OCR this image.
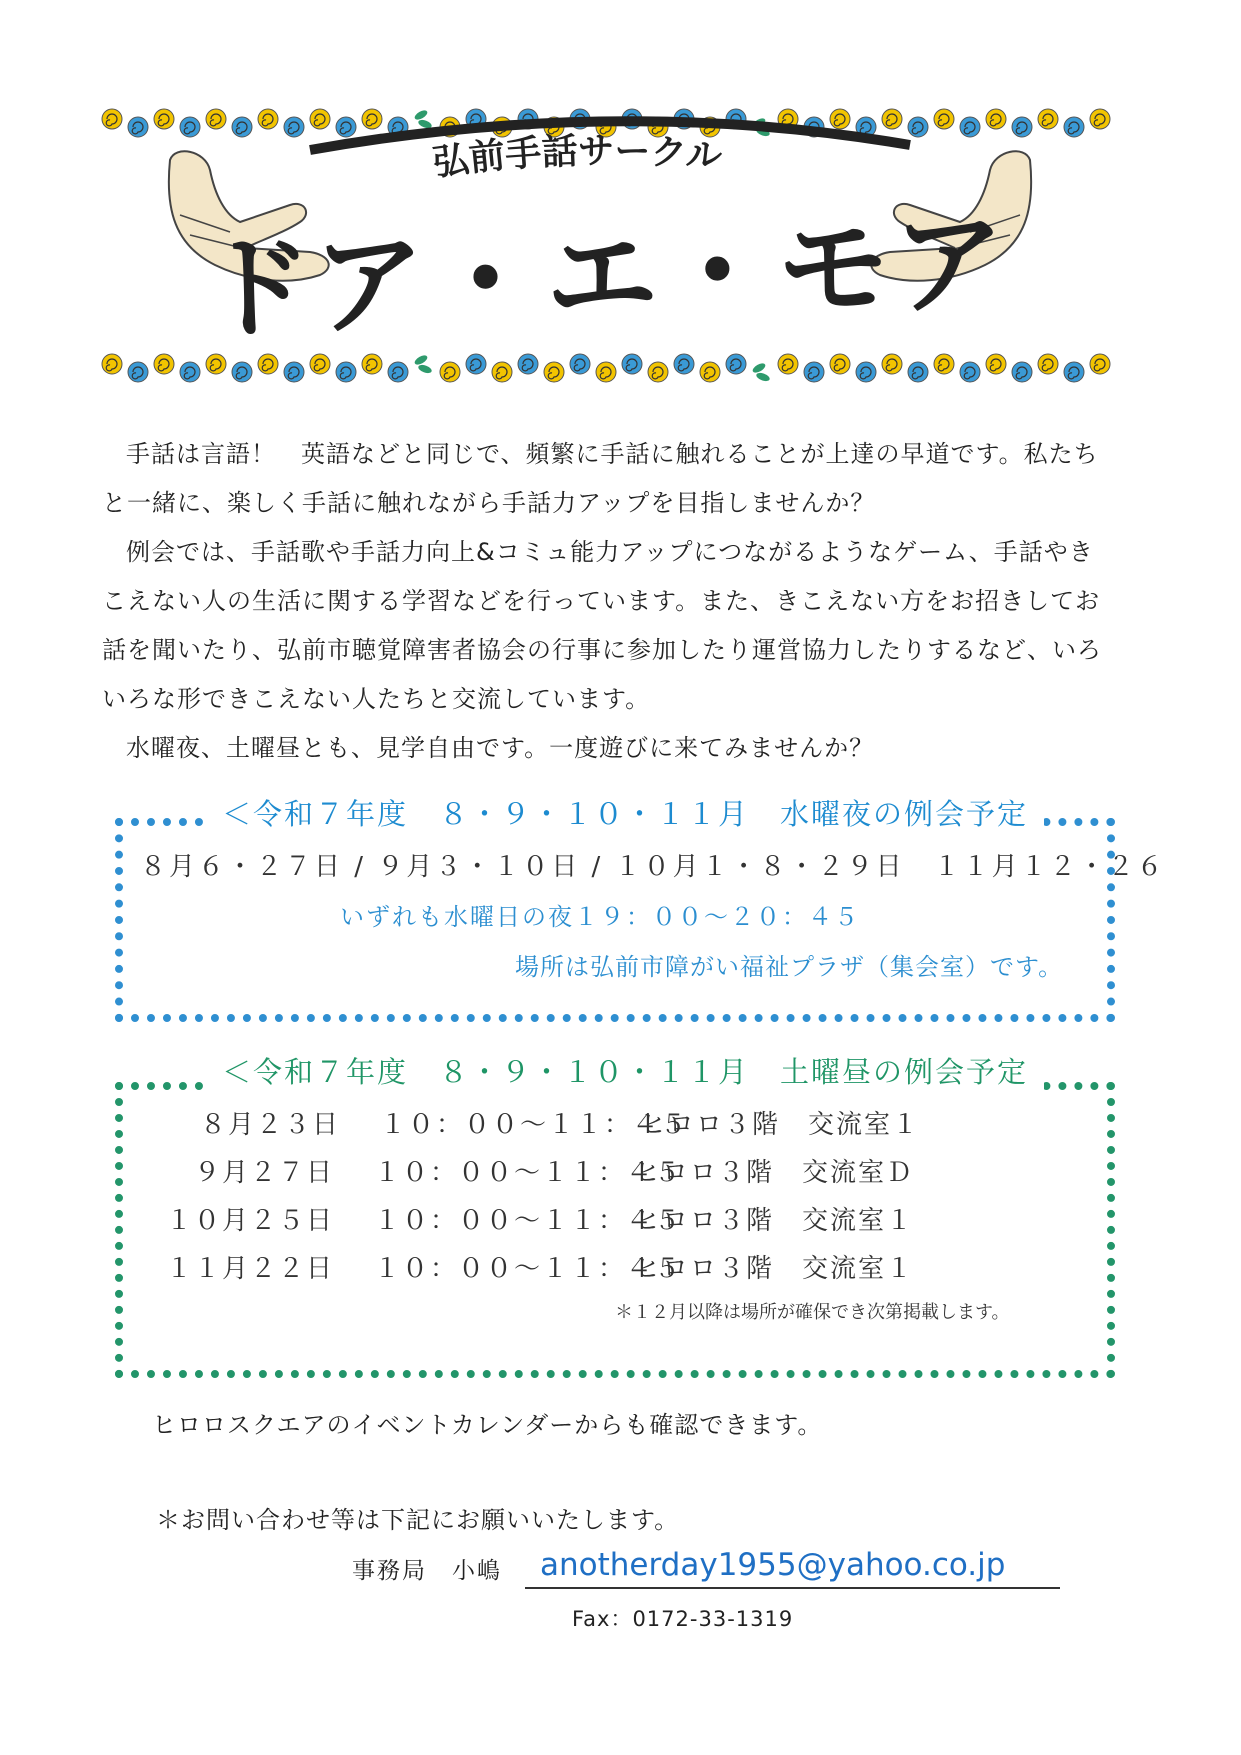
弘前手話サークル
ドア・エ・モア

手話は言語！　英語などと同じで、頻繁に手話に触れることが上達の早道です。私たちと一緒に、楽しく手話に触れながら手話力アップを目指しませんか？

例会では、手話歌や手話力向上&コミュ能力アップにつながるようなゲーム、手話やきこえない人の生活に関する学習などを行っています。また、きこえない方をお招きしてお話を聞いたり、弘前市聴覚障害者協会の行事に参加したり運営協力したりするなど、いろいろな形できこえない人たちと交流しています。

水曜夜、土曜昼とも、見学自由です。一度遊びに来てみませんか？

＜令和７年度　８・９・１０・１１月　水曜夜の例会予定
８月６・２７日 / ９月３・１０日 / １０月１・８・２９日　１１月１２・２６
いずれも水曜日の夜１９：００～２０：４５
場所は弘前市障がい福祉プラザ（集会室）です。
＜令和７年度　８・９・１０・１１月　土曜昼の例会予定
８月２３日 １０：００～１１：４５
ヒロロ３階　交流室１
９月２７日 １０：００～１１：４５
ヒロロ３階　交流室Ｄ
１０月２５日 １０：００～１１：４５
ヒロロ３階　交流室１
１１月２２日 １０：００～１１：４５
ヒロロ３階　交流室１
＊１２月以降は場所が確保でき次第掲載します。
ヒロロスクエアのイベントカレンダーからも確認できます。
＊お問い合わせ等は下記にお願いいたします。
事務局　小嶋 anotherday1955@yahoo.co.jp
Fax：0172-33-1319
